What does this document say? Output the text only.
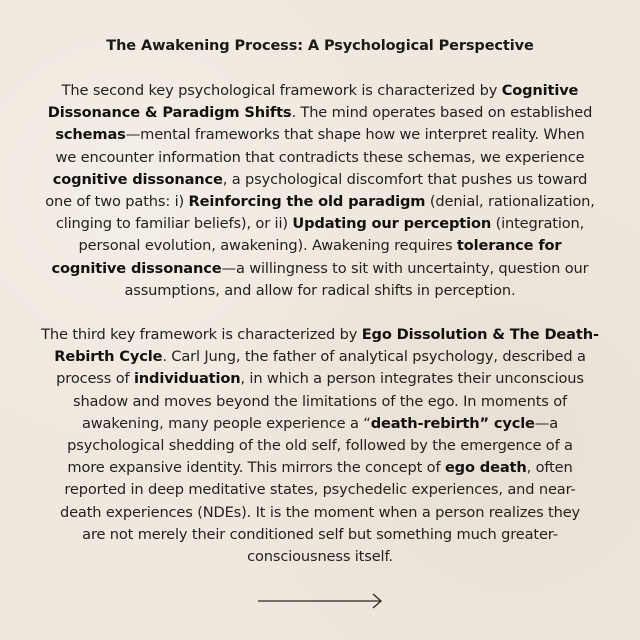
The Awakening Process: A Psychological Perspective
The second key psychological framework is characterized by Cognitive
Dissonance & Paradigm Shifts. The mind operates based on established
schemas—mental frameworks that shape how we interpret reality. When
we encounter information that contradicts these schemas, we experience
cognitive dissonance, a psychological discomfort that pushes us toward
one of two paths: i) Reinforcing the old paradigm (denial, rationalization,
clinging to familiar beliefs), or ii) Updating our perception (integration,
personal evolution, awakening). Awakening requires tolerance for
cognitive dissonance—a willingness to sit with uncertainty, question our
assumptions, and allow for radical shifts in perception.
The third key framework is characterized by Ego Dissolution & The Death-
Rebirth Cycle. Carl Jung, the father of analytical psychology, described a
process of individuation, in which a person integrates their unconscious
shadow and moves beyond the limitations of the ego. In moments of
awakening, many people experience a “death-rebirth” cycle—a
psychological shedding of the old self, followed by the emergence of a
more expansive identity. This mirrors the concept of ego death, often
reported in deep meditative states, psychedelic experiences, and near-
death experiences (NDEs). It is the moment when a person realizes they
are not merely their conditioned self but something much greater-
consciousness itself.
